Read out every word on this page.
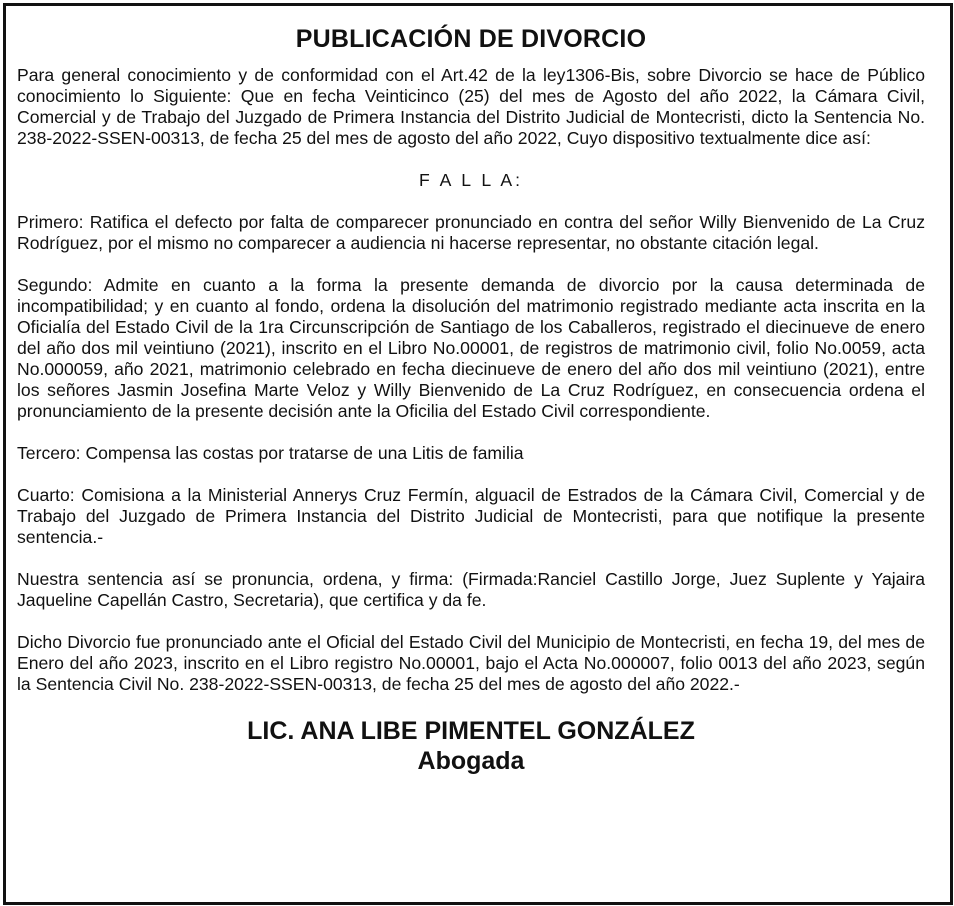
PUBLICACIÓN DE DIVORCIO

Para general conocimiento y de conformidad con el Art.42 de la ley1306-Bis, sobre Divorcio se hace de Público conocimiento lo Siguiente: Que en fecha Veinticinco (25) del mes de Agosto del año 2022, la Cámara Civil, Comercial y de Trabajo del Juzgado de Primera Instancia del Distrito Judicial de Montecristi, dicto la Sentencia No. 238-2022-SSEN-00313, de fecha 25 del mes de agosto del año 2022, Cuyo dispositivo textualmente dice así:

F A L L A:

Primero: Ratifica el defecto por falta de comparecer pronunciado en contra del señor Willy Bienvenido de La Cruz Rodríguez, por el mismo no comparecer a audiencia ni hacerse representar, no obstante citación legal.

Segundo: Admite en cuanto a la forma la presente demanda de divorcio por la causa determinada de incompatibilidad; y en cuanto al fondo, ordena la disolución del matrimonio registrado mediante acta inscrita en la Oficialía del Estado Civil de la 1ra Circunscripción de Santiago de los Caballeros, registrado el diecinueve de enero del año dos mil veintiuno (2021), inscrito en el Libro No.00001, de registros de matrimonio civil, folio No.0059, acta No.000059, año 2021, matrimonio celebrado en fecha diecinueve de enero del año dos mil veintiuno (2021), entre los señores Jasmin Josefina Marte Veloz y Willy Bienvenido de La Cruz Rodríguez, en consecuencia ordena el pronunciamiento de la presente decisión ante la Oficilia del Estado Civil correspondiente.

Tercero: Compensa las costas por tratarse de una Litis de familia

Cuarto: Comisiona a la Ministerial Annerys Cruz Fermín, alguacil de Estrados de la Cámara Civil, Comercial y de Trabajo del Juzgado de Primera Instancia del Distrito Judicial de Montecristi, para que notifique la presente sentencia.-

Nuestra sentencia así se pronuncia, ordena, y firma: (Firmada:Ranciel Castillo Jorge, Juez Suplente y Yajaira Jaqueline Capellán Castro, Secretaria), que certifica y da fe.

Dicho Divorcio fue pronunciado ante el Oficial del Estado Civil del Municipio de Montecristi, en fecha 19, del mes de Enero del año 2023, inscrito en el Libro registro No.00001, bajo el Acta No.000007, folio 0013 del año 2023, según la Sentencia Civil No. 238-2022-SSEN-00313, de fecha 25 del mes de agosto del año 2022.-

LIC. ANA LIBE PIMENTEL GONZÁLEZ
Abogada
